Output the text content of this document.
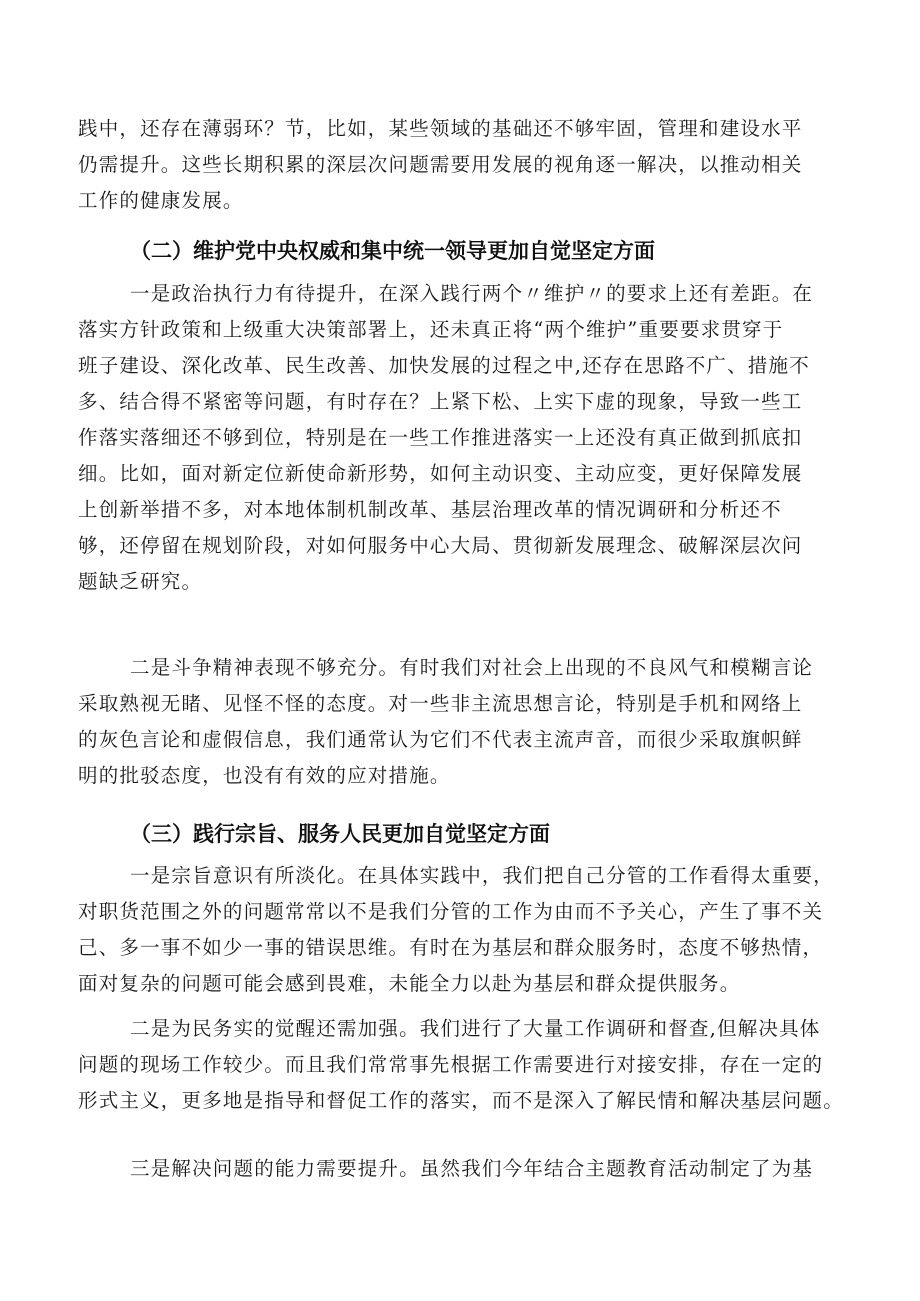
践中，还存在薄弱环？节，比如，某些领域的基础还不够牢固，管理和建设水平
仍需提升。这些长期积累的深层次问题需要用发展的视角逐一解决，以推动相关
工作的健康发展。
（二）维护党中央权威和集中统一领导更加自觉坚定方面
一是政治执行力有待提升，在深入践行两个〃维护〃的要求上还有差距。在
落实方针政策和上级重大决策部署上，还未真正将“两个维护”重要要求贯穿于
班子建设、深化改革、民生改善、加快发展的过程之中,还存在思路不广、措施不
多、结合得不紧密等问题，有时存在？上紧下松、上实下虚的现象，导致一些工
作落实落细还不够到位，特别是在一些工作推进落实一上还没有真正做到抓底扣
细。比如，面对新定位新使命新形势，如何主动识变、主动应变，更好保障发展
上创新举措不多，对本地体制机制改革、基层治理改革的情况调研和分析还不
够，还停留在规划阶段，对如何服务中心大局、贯彻新发展理念、破解深层次问
题缺乏研究。
二是斗争精神表现不够充分。有时我们对社会上出现的不良风气和模糊言论
采取熟视无睹、见怪不怪的态度。对一些非主流思想言论，特别是手机和网络上
的灰色言论和虚假信息，我们通常认为它们不代表主流声音，而很少采取旗帜鲜
明的批驳态度，也没有有效的应对措施。
（三）践行宗旨、服务人民更加自觉坚定方面
一是宗旨意识有所淡化。在具体实践中，我们把自己分管的工作看得太重要，
对职货范围之外的问题常常以不是我们分管的工作为由而不予关心，产生了事不关
己、多一事不如少一事的错误思维。有时在为基层和群众服务时，态度不够热情，
面对复杂的问题可能会感到畏难，未能全力以赴为基层和群众提供服务。
二是为民务实的觉醒还需加强。我们进行了大量工作调研和督查,但解决具体
问题的现场工作较少。而且我们常常事先根据工作需要进行对接安排，存在一定的
形式主义，更多地是指导和督促工作的落实，而不是深入了解民情和解决基层问题。
三是解决问题的能力需要提升。虽然我们今年结合主题教育活动制定了为基
